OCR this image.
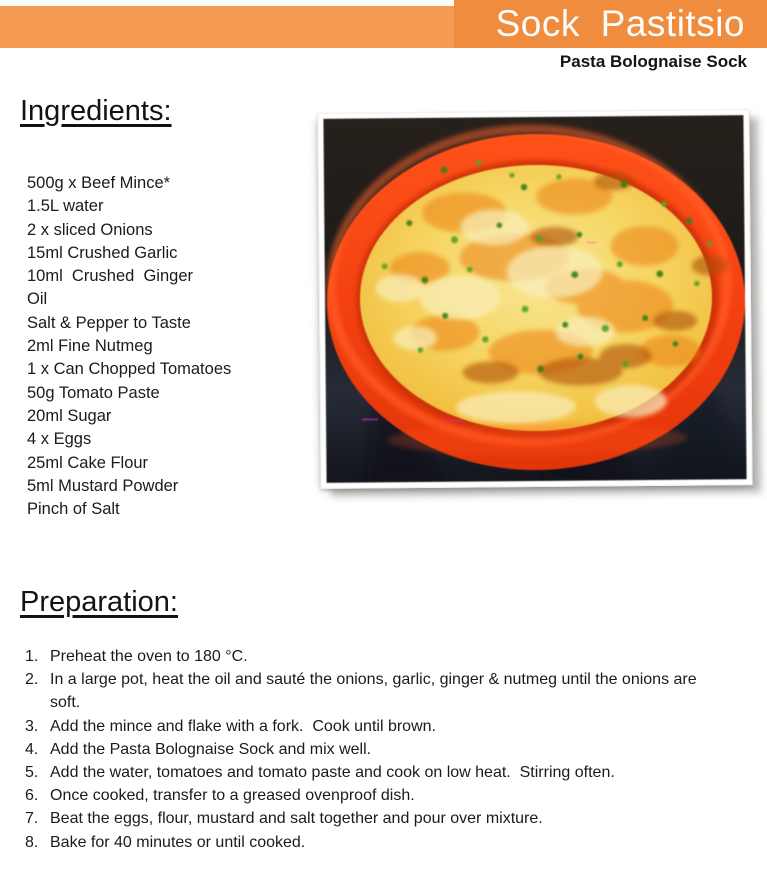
Sock Pastitsio
Pasta Bolognaise Sock
Ingredients:
500g x Beef Mince*
1.5L water
2 x sliced Onions
15ml Crushed Garlic
10ml  Crushed  Ginger
Oil
Salt & Pepper to Taste
2ml Fine Nutmeg
1 x Can Chopped Tomatoes
50g Tomato Paste
20ml Sugar
4 x Eggs
25ml Cake Flour
5ml Mustard Powder
Pinch of Salt
Preparation:
1. Preheat the oven to 180 °C.
2. In a large pot, heat the oil and sauté the onions, garlic, ginger & nutmeg until the onions are soft.
3. Add the mince and flake with a fork.  Cook until brown.
4. Add the Pasta Bolognaise Sock and mix well.
5. Add the water, tomatoes and tomato paste and cook on low heat.  Stirring often.
6. Once cooked, transfer to a greased ovenproof dish.
7. Beat the eggs, flour, mustard and salt together and pour over mixture.
8. Bake for 40 minutes or until cooked.
